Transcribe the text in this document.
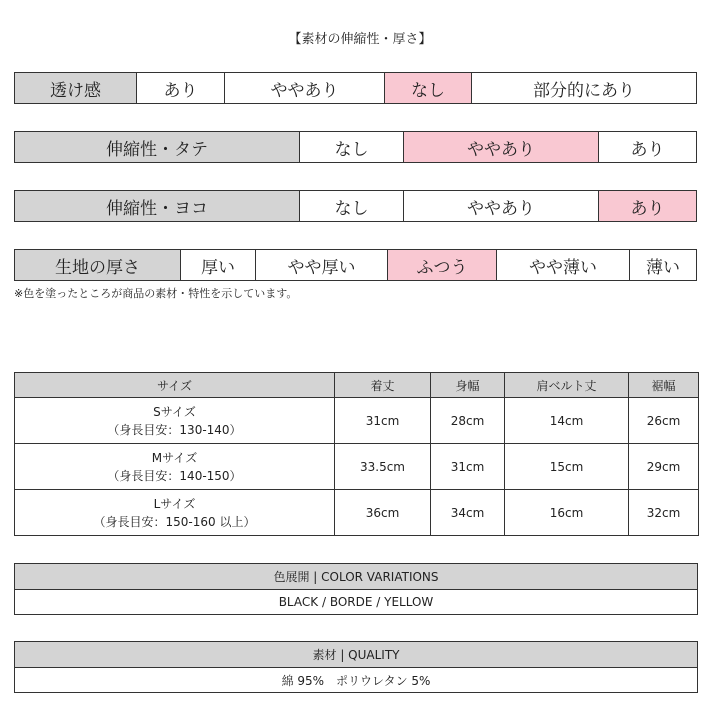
【素材の伸縮性・厚さ】
透け感	あり	ややあり	なし	部分的にあり
伸縮性・タテ	なし	ややあり	あり
伸縮性・ヨコ	なし	ややあり	あり
生地の厚さ	厚い	やや厚い	ふつう	やや薄い	薄い
※色を塗ったところが商品の素材・特性を示しています。
サイズ	着丈	身幅	肩ベルト丈	裾幅
Sサイズ
（身長目安：130-140）	31cm	28cm	14cm	26cm
Mサイズ
（身長目安：140-150）	33.5cm	31cm	15cm	29cm
Lサイズ
（身長目安：150-160 以上）	36cm	34cm	16cm	32cm
色展開 | COLOR VARIATIONS
BLACK / BORDE / YELLOW
素材 | QUALITY
綿 95%　ポリウレタン 5%
